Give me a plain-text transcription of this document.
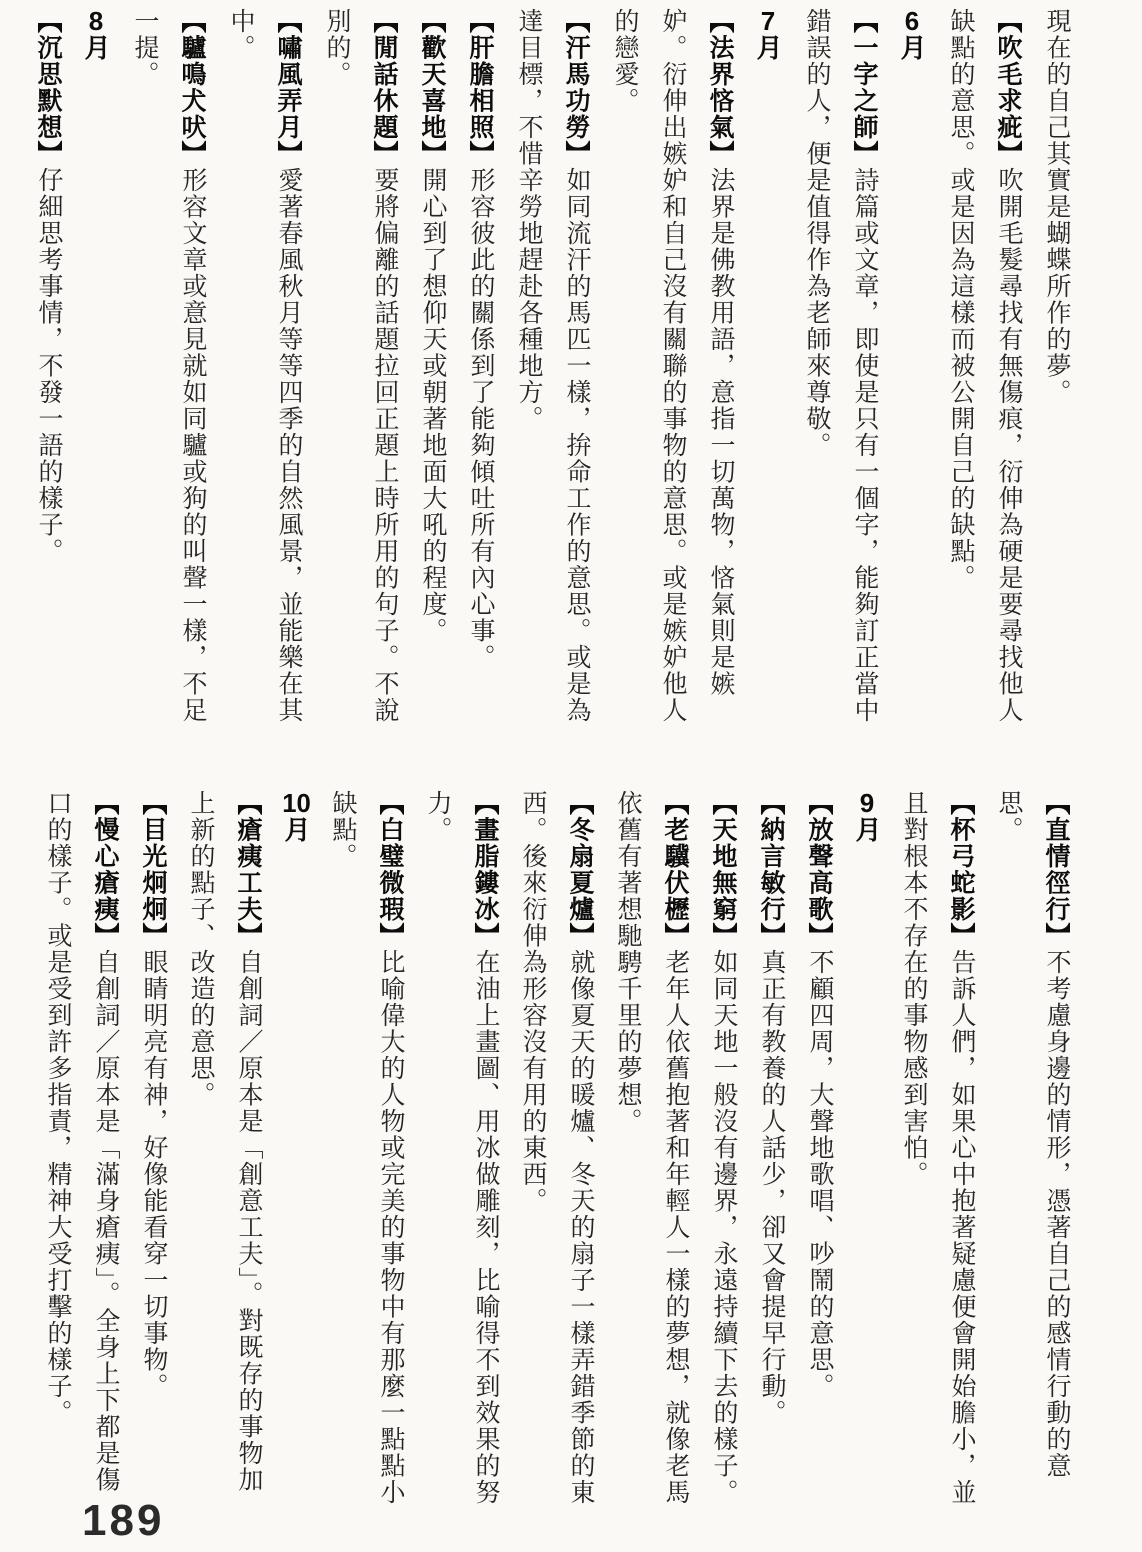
現在的自己其實是蝴蝶所作的夢。

【吹毛求疵】吹開毛髮尋找有無傷痕，衍伸為硬是要尋找他人缺點的意思。或是因為這樣而被公開自己的缺點。

6月

【一字之師】詩篇或文章，即使是只有一個字，能夠訂正當中錯誤的人，便是值得作為老師來尊敬。

7月

【法界悋氣】法界是佛教用語，意指一切萬物，悋氣則是嫉妒。衍伸出嫉妒和自己沒有關聯的事物的意思。或是嫉妒他人的戀愛。

【汗馬功勞】如同流汗的馬匹一樣，拚命工作的意思。或是為達目標，不惜辛勞地趕赴各種地方。

【肝膽相照】形容彼此的關係到了能夠傾吐所有內心事。

【歡天喜地】開心到了想仰天或朝著地面大吼的程度。

【閒話休題】要將偏離的話題拉回正題上時所用的句子。不說別的。

【嘯風弄月】愛著春風秋月等等四季的自然風景，並能樂在其中。

【驢鳴犬吠】形容文章或意見就如同驢或狗的叫聲一樣，不足一提。

8月

【沉思默想】仔細思考事情，不發一語的樣子。

【直情徑行】不考慮身邊的情形，憑著自己的感情行動的意思。

【杯弓蛇影】告訴人們，如果心中抱著疑慮便會開始膽小，並且對根本不存在的事物感到害怕。

9月

【放聲高歌】不顧四周，大聲地歌唱、吵鬧的意思。

【納言敏行】真正有教養的人話少，卻又會提早行動。

【天地無窮】如同天地一般沒有邊界，永遠持續下去的樣子。

【老驥伏櫪】老年人依舊抱著和年輕人一樣的夢想，就像老馬依舊有著想馳騁千里的夢想。

【冬扇夏爐】就像夏天的暖爐、冬天的扇子一樣弄錯季節的東西。後來衍伸為形容沒有用的東西。

【畫脂鏤冰】在油上畫圖、用冰做雕刻，比喻得不到效果的努力。

【白璧微瑕】比喻偉大的人物或完美的事物中有那麼一點點小缺點。

10月

【瘡痍工夫】自創詞／原本是「創意工夫」。對既存的事物加上新的點子、改造的意思。

【目光炯炯】眼睛明亮有神，好像能看穿一切事物。

【慢心瘡痍】自創詞／原本是「滿身瘡痍」。全身上下都是傷口的樣子。或是受到許多指責，精神大受打擊的樣子。

189
